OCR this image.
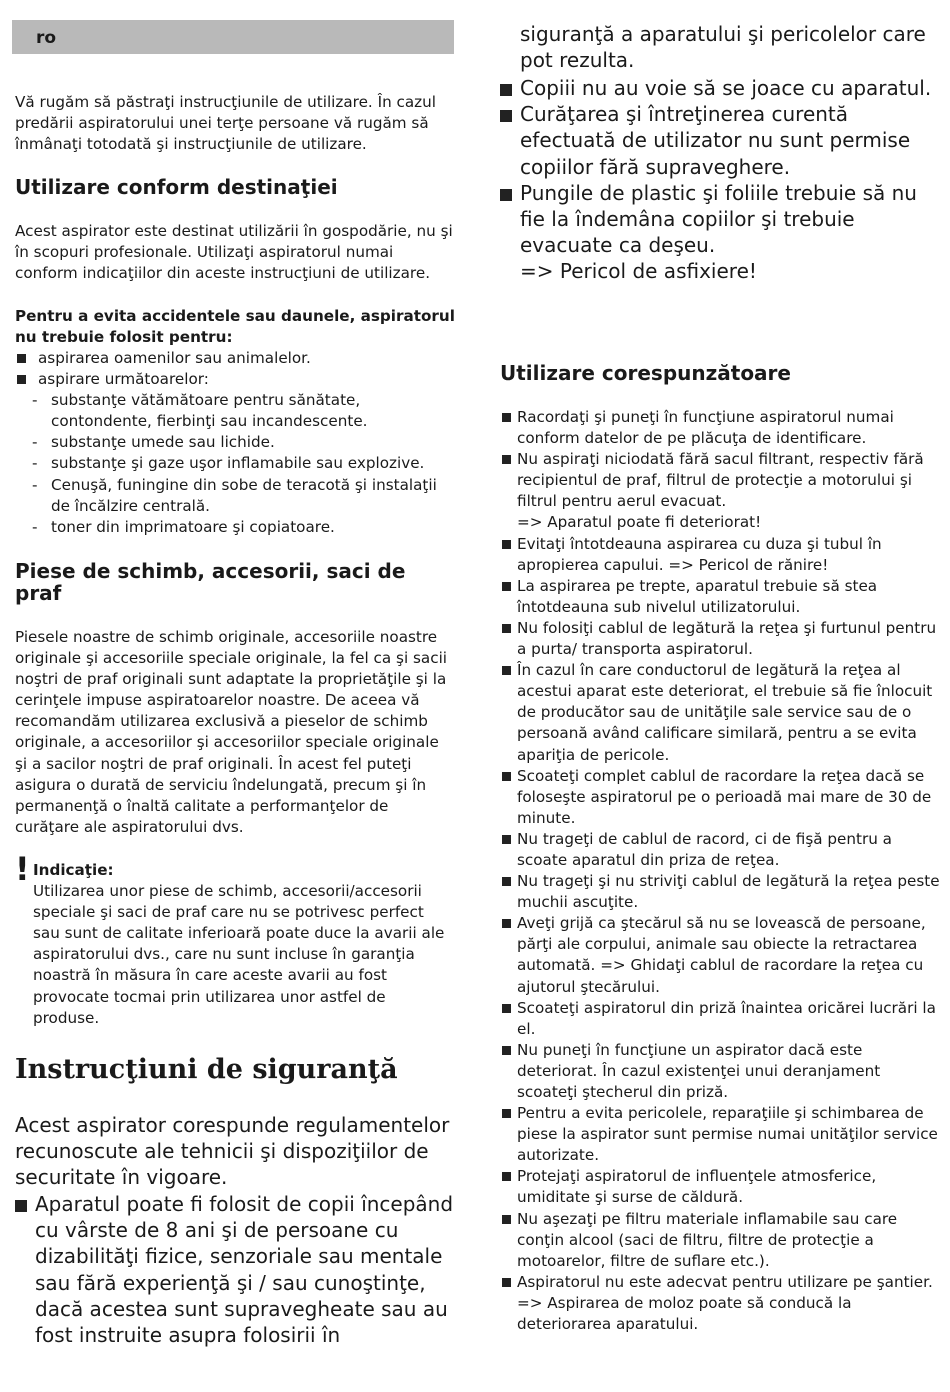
ro

Vă rugăm să păstraţi instrucţiunile de utilizare. În cazul predării aspiratorului unei terţe persoane vă rugăm să înmânaţi totodată şi instrucţiunile de utilizare.

Utilizare conform destinaţiei

Acest aspirator este destinat utilizării în gospodărie, nu şi în scopuri profesionale. Utilizaţi aspiratorul numai conform indicaţiilor din aceste instrucţiuni de utilizare.

Pentru a evita accidentele sau daunele, aspiratorul nu trebuie folosit pentru:

aspirarea oamenilor sau animalelor.
aspirare următoarelor:
- substanţe vătămătoare pentru sănătate, contondente, fierbinţi sau incandescente.
- substanţe umede sau lichide.
- substanţe şi gaze uşor inflamabile sau explozive.
- Cenuşă, funingine din sobe de teracotă şi instalaţii de încălzire centrală.
- toner din imprimatoare şi copiatoare.
Piese de schimb, accesorii, saci de praf

Piesele noastre de schimb originale, accesoriile noastre originale şi accesoriile speciale originale, la fel ca şi sacii noştri de praf originali sunt adaptate la proprietăţile şi la cerinţele impuse aspiratoarelor noastre. De aceea vă recomandăm utilizarea exclusivă a pieselor de schimb originale, a accesoriilor şi accesoriilor speciale originale şi a sacilor noştri de praf originali. În acest fel puteţi asigura o durată de serviciu îndelungată, precum şi în permanenţă o înaltă calitate a performanţelor de curăţare ale aspiratorului dvs.

! Indicaţie:
Utilizarea unor piese de schimb, accesorii/accesorii speciale şi saci de praf care nu se potrivesc perfect sau sunt de calitate inferioară poate duce la avarii ale aspiratorului dvs., care nu sunt incluse în garanţia noastră în măsura în care aceste avarii au fost provocate tocmai prin utilizarea unor astfel de produse.
Instrucţiuni de siguranţă

Acest aspirator corespunde regulamentelor recunoscute ale tehnicii şi dispoziţiilor de securitate în vigoare.

Aparatul poate fi folosit de copii începând cu vârste de 8 ani şi de persoane cu dizabilităţi fizice, senzoriale sau mentale sau fără experienţă şi / sau cunoştinţe, dacă acestea sunt supravegheate sau au fost instruite asupra folosirii în

siguranţă a aparatului şi pericolelor care pot rezulta.

Copiii nu au voie să se joace cu aparatul.
Curăţarea şi întreţinerea curentă efectuată de utilizator nu sunt permise copiilor fără supraveghere.
Pungile de plastic şi foliile trebuie să nu fie la îndemâna copiilor şi trebuie evacuate ca deşeu.
=> Pericol de asfixiere!
Utilizare corespunzătoare
Racordaţi şi puneţi în funcţiune aspiratorul numai conform datelor de pe plăcuţa de identificare.
Nu aspiraţi niciodată fără sacul filtrant, respectiv fără recipientul de praf, filtrul de protecţie a motorului şi filtrul pentru aerul evacuat.
=> Aparatul poate fi deteriorat!
Evitaţi întotdeauna aspirarea cu duza şi tubul în apropierea capului. => Pericol de rănire!
La aspirarea pe trepte, aparatul trebuie să stea întotdeauna sub nivelul utilizatorului.
Nu folosiţi cablul de legătură la reţea şi furtunul pentru a purta/ transporta aspiratorul.
În cazul în care conductorul de legătură la reţea al acestui aparat este deteriorat, el trebuie să fie înlocuit de producător sau de unităţile sale service sau de o persoană având calificare similară, pentru a se evita apariţia de pericole.
Scoateţi complet cablul de racordare la reţea dacă se foloseşte aspiratorul pe o perioadă mai mare de 30 de minute.
Nu trageţi de cablul de racord, ci de fişă pentru a scoate aparatul din priza de reţea.
Nu trageţi şi nu striviţi cablul de legătură la reţea peste muchii ascuţite.
Aveţi grijă ca ştecărul să nu se lovească de persoane, părţi ale corpului, animale sau obiecte la retractarea automată. => Ghidaţi cablul de racordare la reţea cu ajutorul ştecărului.
Scoateţi aspiratorul din priză înaintea oricărei lucrări la el.
Nu puneţi în funcţiune un aspirator dacă este deteriorat. În cazul existenţei unui deranjament scoateţi ştecherul din priză.
Pentru a evita pericolele, reparaţiile şi schimbarea de piese la aspirator sunt permise numai unităţilor service autorizate.
Protejaţi aspiratorul de influenţele atmosferice, umiditate şi surse de căldură.
Nu aşezaţi pe filtru materiale inflamabile sau care conţin alcool (saci de filtru, filtre de protecţie a motoarelor, filtre de suflare etc.).
Aspiratorul nu este adecvat pentru utilizare pe şantier.
=> Aspirarea de moloz poate să conducă la deteriorarea aparatului.
